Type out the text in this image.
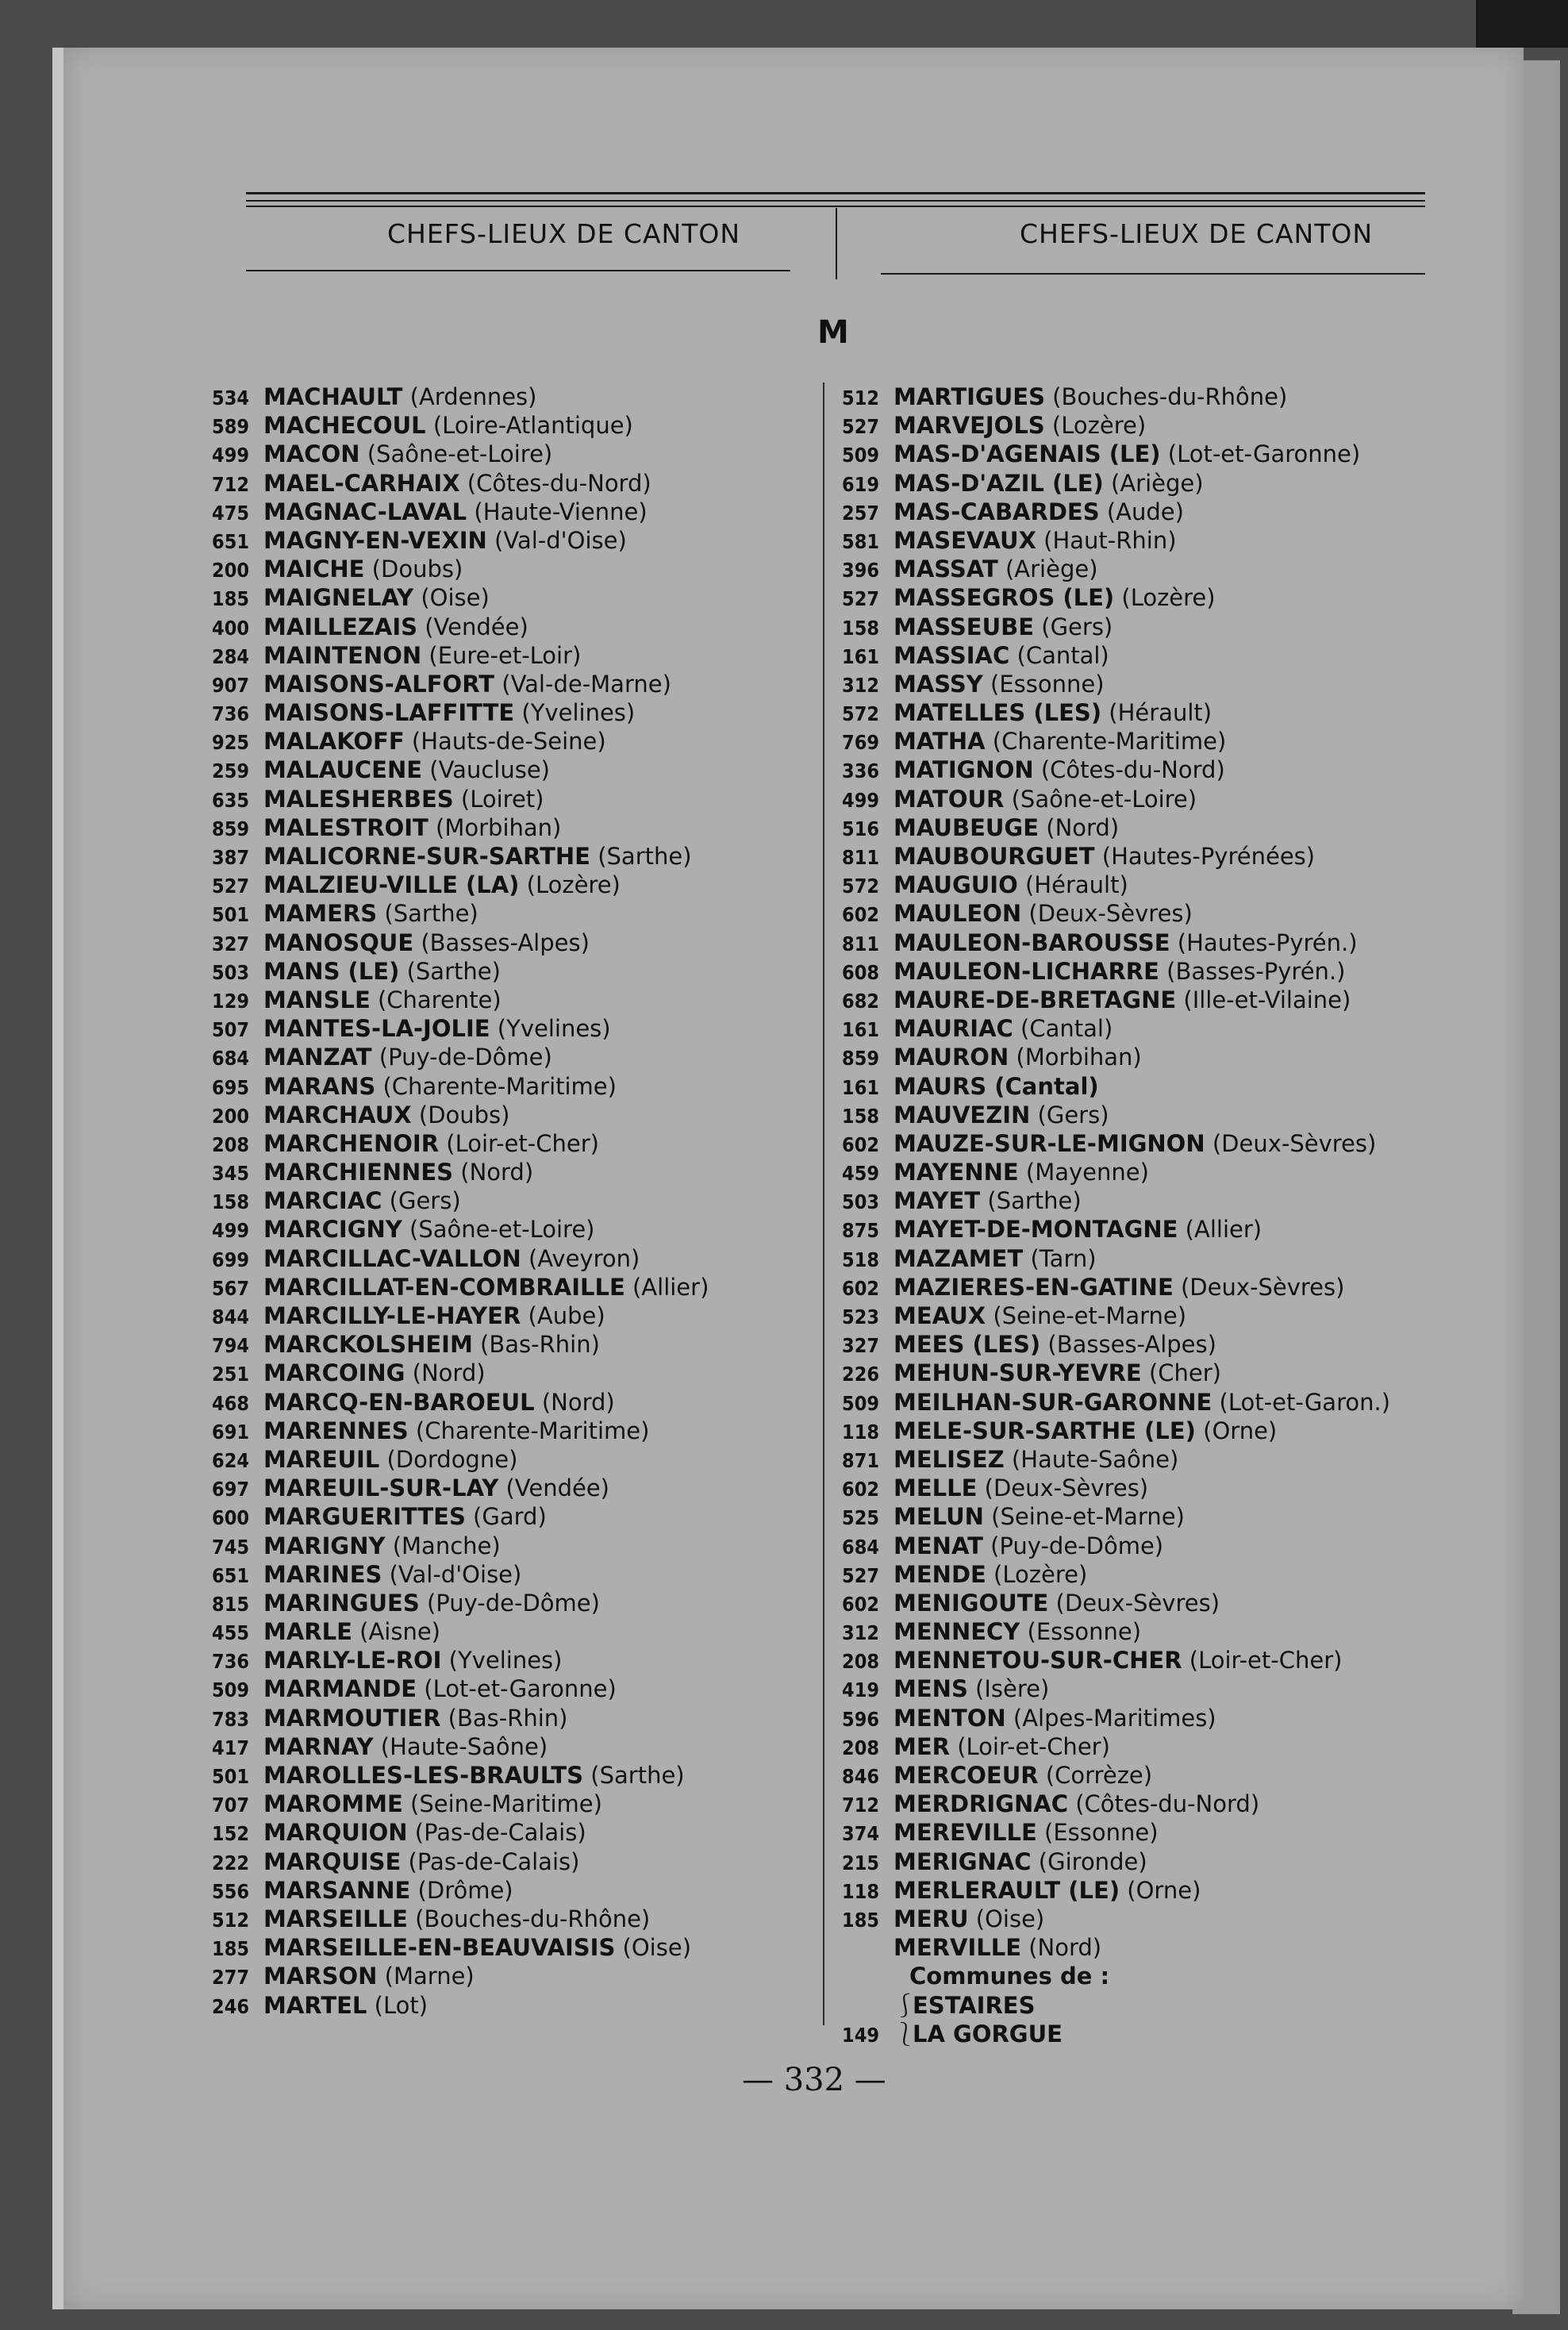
CHEFS-LIEUX DE CANTON	CHEFS-LIEUX DE CANTON
M
534 MACHAULT (Ardennes)
589 MACHECOUL (Loire-Atlantique)
499 MACON (Saône-et-Loire)
712 MAEL-CARHAIX (Côtes-du-Nord)
475 MAGNAC-LAVAL (Haute-Vienne)
651 MAGNY-EN-VEXIN (Val-d'Oise)
200 MAICHE (Doubs)
185 MAIGNELAY (Oise)
400 MAILLEZAIS (Vendée)
284 MAINTENON (Eure-et-Loir)
907 MAISONS-ALFORT (Val-de-Marne)
736 MAISONS-LAFFITTE (Yvelines)
925 MALAKOFF (Hauts-de-Seine)
259 MALAUCENE (Vaucluse)
635 MALESHERBES (Loiret)
859 MALESTROIT (Morbihan)
387 MALICORNE-SUR-SARTHE (Sarthe)
527 MALZIEU-VILLE (LA) (Lozère)
501 MAMERS (Sarthe)
327 MANOSQUE (Basses-Alpes)
503 MANS (LE) (Sarthe)
129 MANSLE (Charente)
507 MANTES-LA-JOLIE (Yvelines)
684 MANZAT (Puy-de-Dôme)
695 MARANS (Charente-Maritime)
200 MARCHAUX (Doubs)
208 MARCHENOIR (Loir-et-Cher)
345 MARCHIENNES (Nord)
158 MARCIAC (Gers)
499 MARCIGNY (Saône-et-Loire)
699 MARCILLAC-VALLON (Aveyron)
567 MARCILLAT-EN-COMBRAILLE (Allier)
844 MARCILLY-LE-HAYER (Aube)
794 MARCKOLSHEIM (Bas-Rhin)
251 MARCOING (Nord)
468 MARCQ-EN-BAROEUL (Nord)
691 MARENNES (Charente-Maritime)
624 MAREUIL (Dordogne)
697 MAREUIL-SUR-LAY (Vendée)
600 MARGUERITTES (Gard)
745 MARIGNY (Manche)
651 MARINES (Val-d'Oise)
815 MARINGUES (Puy-de-Dôme)
455 MARLE (Aisne)
736 MARLY-LE-ROI (Yvelines)
509 MARMANDE (Lot-et-Garonne)
783 MARMOUTIER (Bas-Rhin)
417 MARNAY (Haute-Saône)
501 MAROLLES-LES-BRAULTS (Sarthe)
707 MAROMME (Seine-Maritime)
152 MARQUION (Pas-de-Calais)
222 MARQUISE (Pas-de-Calais)
556 MARSANNE (Drôme)
512 MARSEILLE (Bouches-du-Rhône)
185 MARSEILLE-EN-BEAUVAISIS (Oise)
277 MARSON (Marne)
246 MARTEL (Lot)
512 MARTIGUES (Bouches-du-Rhône)
527 MARVEJOLS (Lozère)
509 MAS-D'AGENAIS (LE) (Lot-et-Garonne)
619 MAS-D'AZIL (LE) (Ariège)
257 MAS-CABARDES (Aude)
581 MASEVAUX (Haut-Rhin)
396 MASSAT (Ariège)
527 MASSEGROS (LE) (Lozère)
158 MASSEUBE (Gers)
161 MASSIAC (Cantal)
312 MASSY (Essonne)
572 MATELLES (LES) (Hérault)
769 MATHA (Charente-Maritime)
336 MATIGNON (Côtes-du-Nord)
499 MATOUR (Saône-et-Loire)
516 MAUBEUGE (Nord)
811 MAUBOURGUET (Hautes-Pyrénées)
572 MAUGUIO (Hérault)
602 MAULEON (Deux-Sèvres)
811 MAULEON-BAROUSSE (Hautes-Pyrén.)
608 MAULEON-LICHARRE (Basses-Pyrén.)
682 MAURE-DE-BRETAGNE (Ille-et-Vilaine)
161 MAURIAC (Cantal)
859 MAURON (Morbihan)
161 MAURS (Cantal)
158 MAUVEZIN (Gers)
602 MAUZE-SUR-LE-MIGNON (Deux-Sèvres)
459 MAYENNE (Mayenne)
503 MAYET (Sarthe)
875 MAYET-DE-MONTAGNE (Allier)
518 MAZAMET (Tarn)
602 MAZIERES-EN-GATINE (Deux-Sèvres)
523 MEAUX (Seine-et-Marne)
327 MEES (LES) (Basses-Alpes)
226 MEHUN-SUR-YEVRE (Cher)
509 MEILHAN-SUR-GARONNE (Lot-et-Garon.)
118 MELE-SUR-SARTHE (LE) (Orne)
871 MELISEZ (Haute-Saône)
602 MELLE (Deux-Sèvres)
525 MELUN (Seine-et-Marne)
684 MENAT (Puy-de-Dôme)
527 MENDE (Lozère)
602 MENIGOUTE (Deux-Sèvres)
312 MENNECY (Essonne)
208 MENNETOU-SUR-CHER (Loir-et-Cher)
419 MENS (Isère)
596 MENTON (Alpes-Maritimes)
208 MER (Loir-et-Cher)
846 MERCOEUR (Corrèze)
712 MERDRIGNAC (Côtes-du-Nord)
374 MEREVILLE (Essonne)
215 MERIGNAC (Gironde)
118 MERLERAULT (LE) (Orne)
185 MERU (Oise)
MERVILLE (Nord)
Communes de :
⎰ESTAIRES
149 ⎱LA GORGUE
— 332 —
